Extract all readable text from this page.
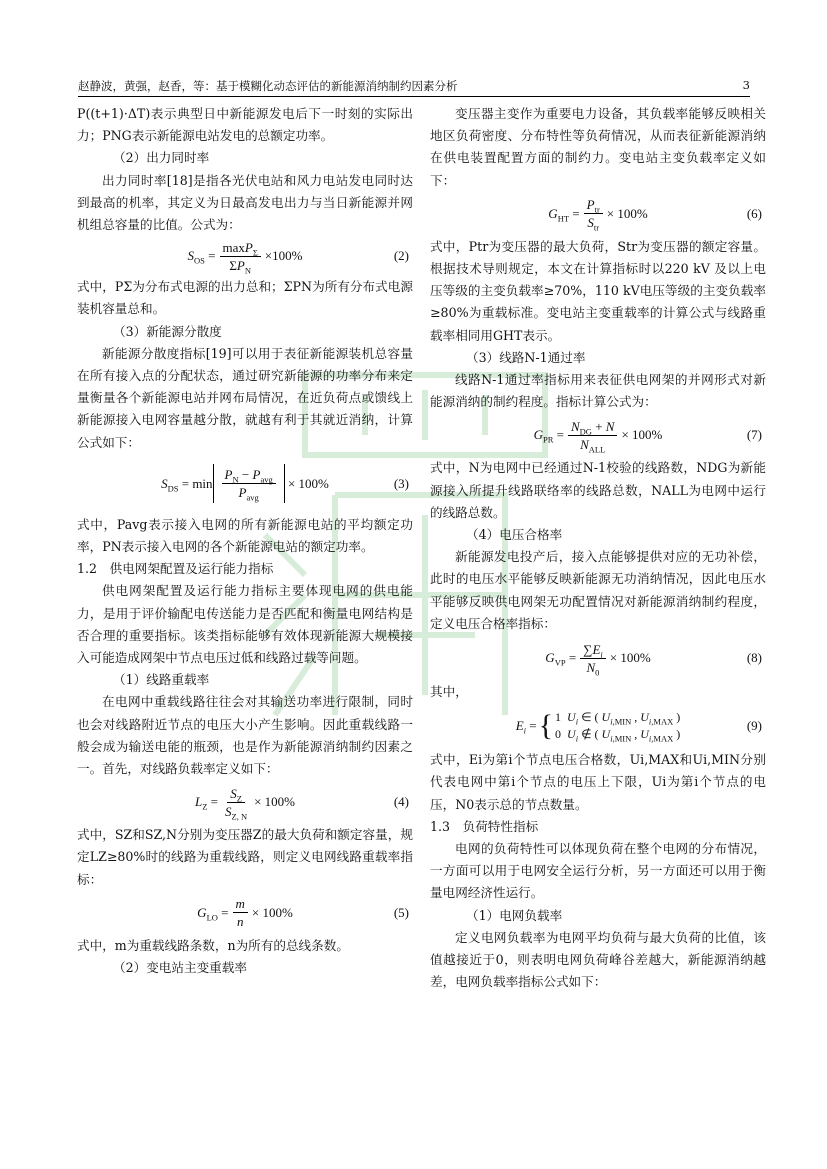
赵静波，黄强，赵香，等：基于模糊化动态评估的新能源消纳制约因素分析	3

P((t+1)·ΔT)表示典型日中新能源发电后下一时刻的实际出力；PNG表示新能源电站发电的总额定功率。

（2）出力同时率

出力同时率[18]是指各光伏电站和风力电站发电同时达到最高的机率，其定义为日最高发电出力与当日新能源并网机组总容量的比值。公式为：

$S_{OS} = \frac{\max P_\Sigma}{\Sigma P_N} \times 100\%$	(2)

式中，PΣ为分布式电源的出力总和；ΣPN为所有分布式电源装机容量总和。

（3）新能源分散度

新能源分散度指标[19]可以用于表征新能源装机总容量在所有接入点的分配状态，通过研究新能源的功率分布来定量衡量各个新能源电站并网布局情况，在近负荷点或馈线上新能源接入电网容量越分散，就越有利于其就近消纳，计算公式如下：

$S_{DS} = \min \frac{P_N - P_{avg}}{P_{avg}} \times 100\%$	(3)

式中，Pavg表示接入电网的所有新能源电站的平均额定功率，PN表示接入电网的各个新能源电站的额定功率。

1.2　供电网架配置及运行能力指标

供电网架配置及运行能力指标主要体现电网的供电能力，是用于评价输配电传送能力是否匹配和衡量电网结构是否合理的重要指标。该类指标能够有效体现新能源大规模接入可能造成网架中节点电压过低和线路过载等问题。

（1）线路重载率

在电网中重载线路往往会对其输送功率进行限制，同时也会对线路附近节点的电压大小产生影响。因此重载线路一般会成为输送电能的瓶颈，也是作为新能源消纳制约因素之一。首先，对线路负载率定义如下：

$L_Z = \frac{S_Z}{S_{Z, N}} \times 100\%$	(4)

式中，SZ和SZ,N分别为变压器Z的最大负荷和额定容量，规定LZ≥80%时的线路为重载线路，则定义电网线路重载率指标：

$G_{LO} = \frac{m}{n} \times 100\%$	(5)

式中，m为重载线路条数，n为所有的总线条数。

（2）变电站主变重载率

变压器主变作为重要电力设备，其负载率能够反映相关地区负荷密度、分布特性等负荷情况，从而表征新能源消纳在供电装置配置方面的制约力。变电站主变负载率定义如下：

$G_{HT} = \frac{P_{tr}}{S_{tr}} \times 100\%$	(6)

式中，Ptr为变压器的最大负荷，Str为变压器的额定容量。根据技术导则规定，本文在计算指标时以220 kV 及以上电压等级的主变负载率≥70%，110 kV电压等级的主变负载率≥80%为重载标准。变电站主变重载率的计算公式与线路重载率相同用GHT表示。

（3）线路N-1通过率

线路N-1通过率指标用来表征供电网架的并网形式对新能源消纳的制约程度。指标计算公式为：

$G_{PR} = \frac{N_{DG} + N}{N_{ALL}} \times 100\%$	(7)

式中，N为电网中已经通过N-1校验的线路数，NDG为新能源接入所提升线路联络率的线路总数，NALL为电网中运行的线路总数。

（4）电压合格率

新能源发电投产后，接入点能够提供对应的无功补偿，此时的电压水平能够反映新能源无功消纳情况，因此电压水平能够反映供电网架无功配置情况对新能源消纳制约程度，定义电压合格率指标：

$G_{VP} = \frac{\sum E_i}{N_0} \times 100\%$	(8)

其中，

$E_i$ = { 1  $U_i$ ∈ ( $U_{i,MIN}$ , $U_{i,MAX}$ )
0  $U_i$ ∉ ( $U_{i,MIN}$ , $U_{i,MAX}$ )
(9)

式中，Ei为第i个节点电压合格数，Ui,MAX和Ui,MIN分别代表电网中第i个节点的电压上下限，Ui为第i个节点的电压，N0表示总的节点数量。

1.3　负荷特性指标

电网的负荷特性可以体现负荷在整个电网的分布情况，一方面可以用于电网安全运行分析，另一方面还可以用于衡量电网经济性运行。

（1）电网负载率

定义电网负载率为电网平均负荷与最大负荷的比值，该值越接近于0，则表明电网负荷峰谷差越大，新能源消纳越差，电网负载率指标公式如下：
